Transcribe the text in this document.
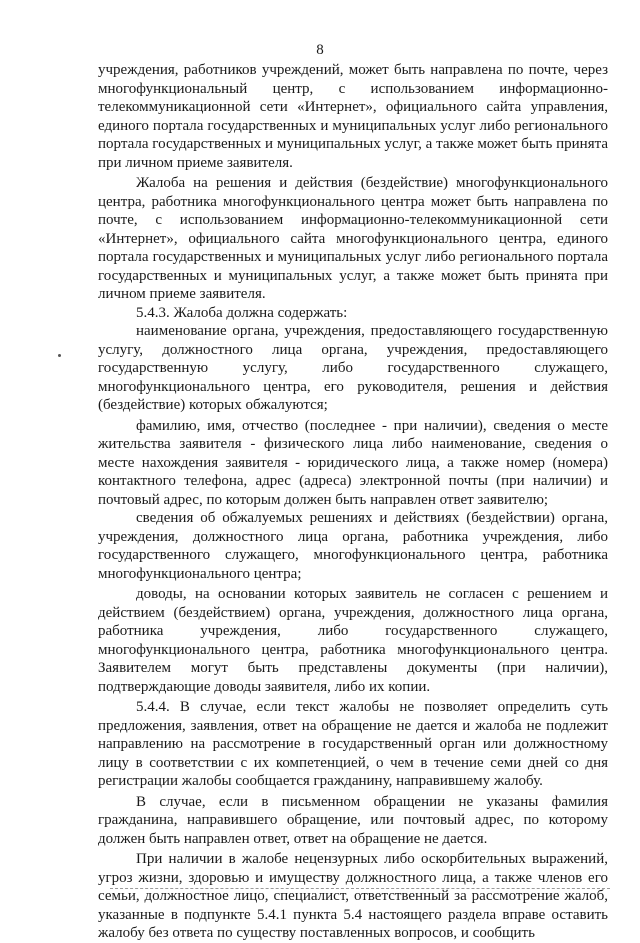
8

учреждения, работников учреждений, может быть направлена по почте, через многофункциональный центр, с использованием информационно-телекоммуникационной сети «Интернет», официального сайта управления, единого портала государственных и муниципальных услуг либо регионального портала государственных и муниципальных услуг, а также может быть принята при личном приеме заявителя.

Жалоба на решения и действия (бездействие) многофункционального центра, работника многофункционального центра может быть направлена по почте, с использованием информационно-телекоммуникационной сети «Интернет», официального сайта многофункционального центра, единого портала государственных и муниципальных услуг либо регионального портала государственных и муниципальных услуг, а также может быть принята при личном приеме заявителя.

5.4.3. Жалоба должна содержать:

наименование органа, учреждения, предоставляющего государственную услугу, должностного лица органа, учреждения, предоставляющего государственную услугу, либо государственного служащего, многофункционального центра, его руководителя, решения и действия (бездействие) которых обжалуются;

фамилию, имя, отчество (последнее - при наличии), сведения о месте жительства заявителя - физического лица либо наименование, сведения о месте нахождения заявителя - юридического лица, а также номер (номера) контактного телефона, адрес (адреса) электронной почты (при наличии) и почтовый адрес, по которым должен быть направлен ответ заявителю;

сведения об обжалуемых решениях и действиях (бездействии) органа, учреждения, должностного лица органа, работника учреждения, либо государственного служащего, многофункционального центра, работника многофункционального центра;

доводы, на основании которых заявитель не согласен с решением и действием (бездействием) органа, учреждения, должностного лица органа, работника учреждения, либо государственного служащего, многофункционального центра, работника многофункционального центра. Заявителем могут быть представлены документы (при наличии), подтверждающие доводы заявителя, либо их копии.

5.4.4. В случае, если текст жалобы не позволяет определить суть предложения, заявления, ответ на обращение не дается и жалоба не подлежит направлению на рассмотрение в государственный орган или должностному лицу в соответствии с их компетенцией, о чем в течение семи дней со дня регистрации жалобы сообщается гражданину, направившему жалобу.

В случае, если в письменном обращении не указаны фамилия гражданина, направившего обращение, или почтовый адрес, по которому должен быть направлен ответ, ответ на обращение не дается.

При наличии в жалобе нецензурных либо оскорбительных выражений, угроз жизни, здоровью и имуществу должностного лица, а также членов его семьи, должностное лицо, специалист, ответственный за рассмотрение жалоб, указанные в подпункте 5.4.1 пункта 5.4 настоящего раздела вправе оставить жалобу без ответа по существу поставленных вопросов, и сообщить
